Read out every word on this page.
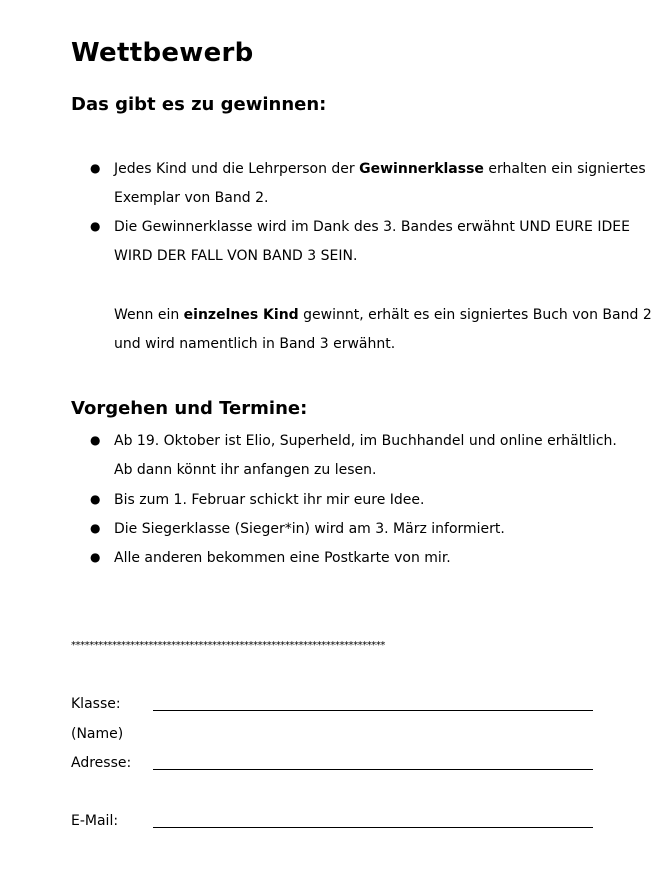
Wettbewerb
Das gibt es zu gewinnen:
● Jedes Kind und die Lehrperson der Gewinnerklasse erhalten ein signiertes
Exemplar von Band 2.
● Die Gewinnerklasse wird im Dank des 3. Bandes erwähnt UND EURE IDEE
WIRD DER FALL VON BAND 3 SEIN.
Wenn ein einzelnes Kind gewinnt, erhält es ein signiertes Buch von Band 2
und wird namentlich in Band 3 erwähnt.
Vorgehen und Termine:
● Ab 19. Oktober ist Elio, Superheld, im Buchhandel und online erhältlich.
Ab dann könnt ihr anfangen zu lesen.
● Bis zum 1. Februar schickt ihr mir eure Idee.
● Die Siegerklasse (Sieger*in) wird am 3. März informiert.
● Alle anderen bekommen eine Postkarte von mir.
*********************************************************************
Klasse:
(Name)
Adresse:
E-Mail:
